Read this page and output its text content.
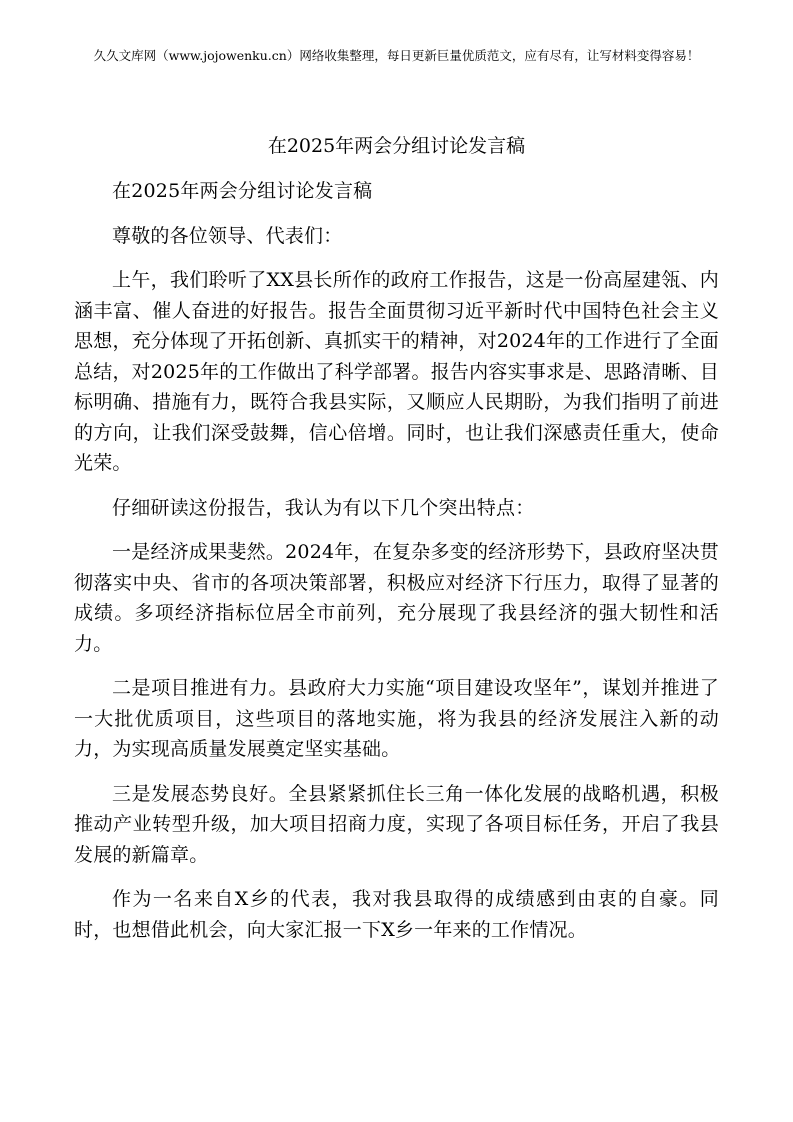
久久文库网（www.jojowenku.cn）网络收集整理，每日更新巨量优质范文，应有尽有，让写材料变得容易！
在2025年两会分组讨论发言稿

在2025年两会分组讨论发言稿

尊敬的各位领导、代表们：

上午，我们聆听了XX县长所作的政府工作报告，这是一份高屋建瓴、内涵丰富、催人奋进的好报告。报告全面贯彻习近平新时代中国特色社会主义思想，充分体现了开拓创新、真抓实干的精神，对2024年的工作进行了全面总结，对2025年的工作做出了科学部署。报告内容实事求是、思路清晰、目标明确、措施有力，既符合我县实际，又顺应人民期盼，为我们指明了前进的方向，让我们深受鼓舞，信心倍增。同时，也让我们深感责任重大，使命光荣。

仔细研读这份报告，我认为有以下几个突出特点：

一是经济成果斐然。2024年，在复杂多变的经济形势下，县政府坚决贯彻落实中央、省市的各项决策部署，积极应对经济下行压力，取得了显著的成绩。多项经济指标位居全市前列，充分展现了我县经济的强大韧性和活力。

二是项目推进有力。县政府大力实施“项目建设攻坚年”，谋划并推进了一大批优质项目，这些项目的落地实施，将为我县的经济发展注入新的动力，为实现高质量发展奠定坚实基础。

三是发展态势良好。全县紧紧抓住长三角一体化发展的战略机遇，积极推动产业转型升级，加大项目招商力度，实现了各项目标任务，开启了我县发展的新篇章。

作为一名来自X乡的代表，我对我县取得的成绩感到由衷的自豪。同时，也想借此机会，向大家汇报一下X乡一年来的工作情况。
